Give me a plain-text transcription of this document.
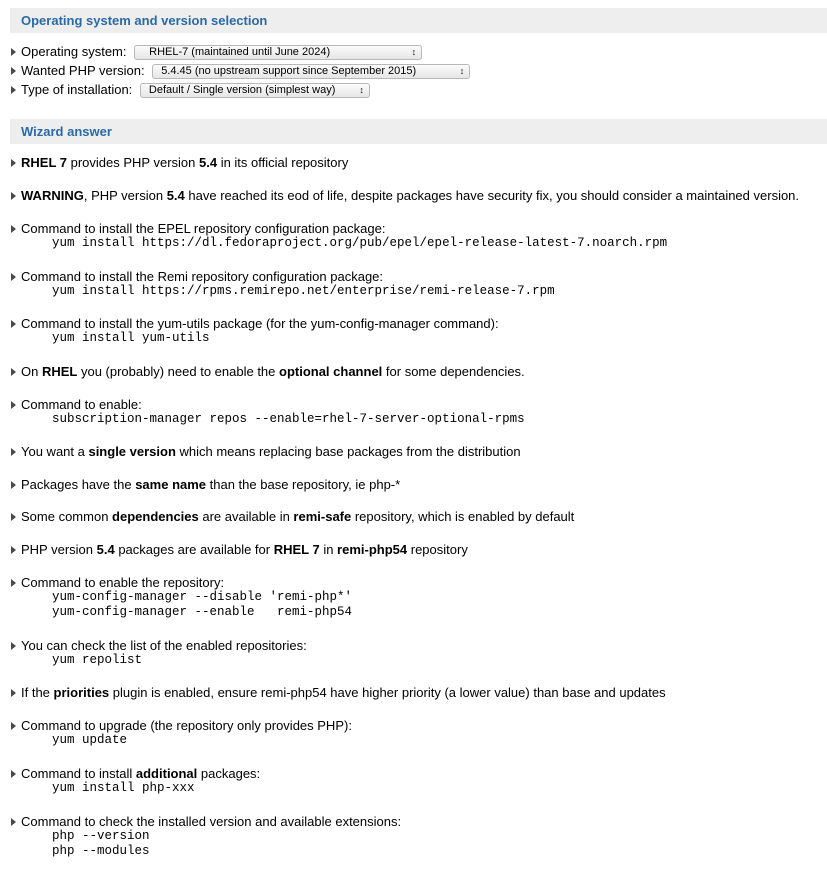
Operating system and version selection
Operating system: RHEL-7 (maintained until June 2024)	↕
Wanted PHP version: 5.4.45 (no upstream support since September 2015)	↕
Type of installation: Default / Single version (simplest way)	↕
Wizard answer
RHEL 7 provides PHP version 5.4 in its official repository
WARNING, PHP version 5.4 have reached its eod of life, despite packages have security fix, you should consider a maintained version.
Command to install the EPEL repository configuration package:
yum install https://dl.fedoraproject.org/pub/epel/epel-release-latest-7.noarch.rpm
Command to install the Remi repository configuration package:
yum install https://rpms.remirepo.net/enterprise/remi-release-7.rpm
Command to install the yum-utils package (for the yum-config-manager command):
yum install yum-utils
On RHEL you (probably) need to enable the optional channel for some dependencies.
Command to enable:
subscription-manager repos --enable=rhel-7-server-optional-rpms
You want a single version which means replacing base packages from the distribution
Packages have the same name than the base repository, ie php-*
Some common dependencies are available in remi-safe repository, which is enabled by default
PHP version 5.4 packages are available for RHEL 7 in remi-php54 repository
Command to enable the repository:
yum-config-manager --disable 'remi-php*'
yum-config-manager --enable   remi-php54
You can check the list of the enabled repositories:
yum repolist
If the priorities plugin is enabled, ensure remi-php54 have higher priority (a lower value) than base and updates
Command to upgrade (the repository only provides PHP):
yum update
Command to install additional packages:
yum install php-xxx
Command to check the installed version and available extensions:
php --version
php --modules
